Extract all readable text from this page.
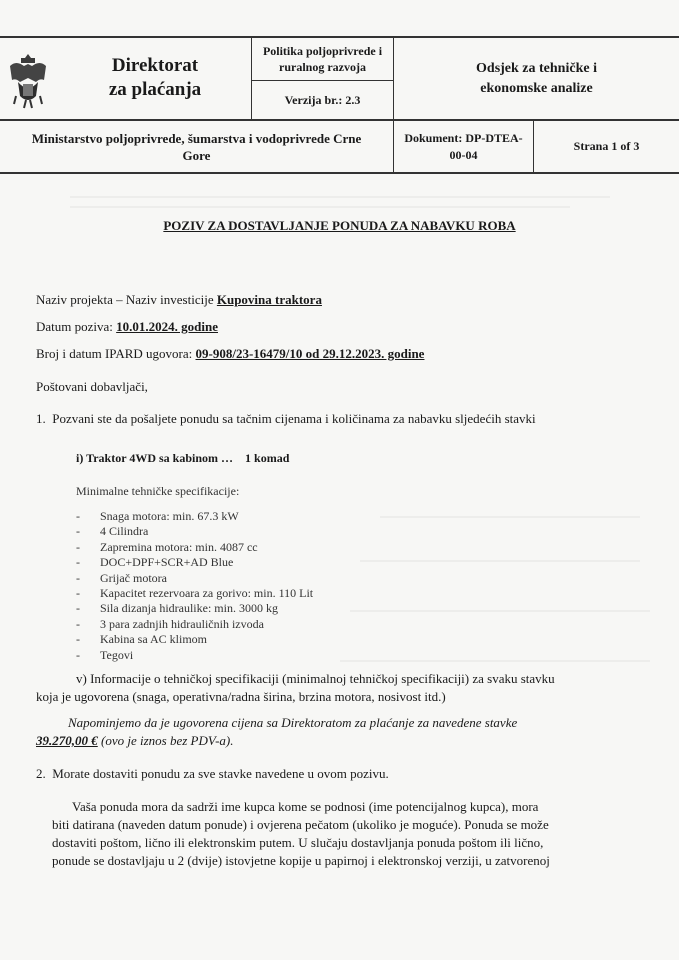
Direktorat
za plaćanja
Politika poljoprivrede i
ruralnog razvoja
Verzija br.: 2.3
Odsjek za tehničke i
ekonomske analize
Ministarstvo poljoprivrede, šumarstva i vodoprivrede Crne
Gore
Dokument: DP-DTEA-
00-04
Strana 1 of 3
POZIV ZA DOSTAVLJANJE PONUDA ZA NABAVKU ROBA
Naziv projekta – Naziv investicije Kupovina traktora
Datum poziva: 10.01.2024. godine
Broj i datum IPARD ugovora: 09-908/23-16479/10 od 29.12.2023. godine
Poštovani dobavljači,
1. Pozvani ste da pošaljete ponudu sa tačnim cijenama i količinama za nabavku sljedećih stavki
i) Traktor 4WD sa kabinom … 1 komad
Minimalne tehničke specifikacije:
- Snaga motora: min. 67.3 kW
- 4 Cilindra
- Zapremina motora: min. 4087 cc
- DOC+DPF+SCR+AD Blue
- Grijač motora
- Kapacitet rezervoara za gorivo: min. 110 Lit
- Sila dizanja hidraulike: min. 3000 kg
- 3 para zadnjih hidrauličnih izvoda
- Kabina sa AC klimom
- Tegovi
v) Informacije o tehničkoj specifikaciji (minimalnoj tehničkoj specifikaciji) za svaku stavku
koja je ugovorena (snaga, operativna/radna širina, brzina motora, nosivost itd.)
Napominjemo da je ugovorena cijena sa Direktoratom za plaćanje za navedene stavke
39.270,00 € (ovo je iznos bez PDV-a).
2. Morate dostaviti ponudu za sve stavke navedene u ovom pozivu.
Vaša ponuda mora da sadrži ime kupca kome se podnosi (ime potencijalnog kupca), mora
biti datirana (naveden datum ponude) i ovjerena pečatom (ukoliko je moguće). Ponuda se može
dostaviti poštom, lično ili elektronskim putem. U slučaju dostavljanja ponuda poštom ili lično,
ponude se dostavljaju u 2 (dvije) istovjetne kopije u papirnoj i elektronskoj verziji, u zatvorenoj
